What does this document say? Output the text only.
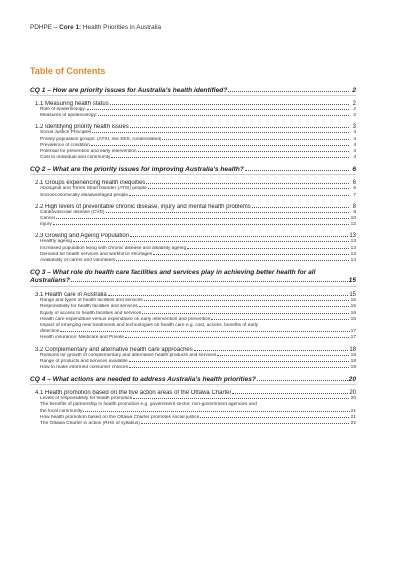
PDHPE – Core 1: Health Priorities in Australia
Table of Contents
CQ 1 – How are priority issues for Australia's health identified?	2
1.1 Measuring health status	2
Role of epidemiology:	2
Measures of epidemiology:	2
1.2 Identifying priority health issues	3
Social Justice Principles	4
Priority population groups: (ATSI, low SES, rural/isolated)	4
Prevalence of condition	4
Potential for prevention and early intervention	4
Cost to individual and community	4
CQ 2 – What are the priority issues for improving Australia's health?	6
2.1 Groups experiencing health inequities	6
Aboriginal and Torres Strait Islander (ATSI) people	6
Socioeconomically disadvantaged people	7
2.2 High levels of preventable chronic disease, injury and mental health problems	8
Cardiovascular disease (CVD)	8
Cancer	10
Injury	12
2.3 Growing and Ageing Population	13
Healthy ageing	13
Increased population living with chronic disease and disability ageing	13
Demand for health services and workforce shortages	13
Availability of carers and volunteers	14
CQ 3 – What role do health care facilities and services play in achieving better health for all
Australians?	15
3.1 Health care in Australia	15
Range and types of health facilities and services	15
Responsibility for health facilities and services	15
Equity of access to health facilities and services	16
Health care expenditure versus expenditure on early intervention and prevention	16
Impact of emerging new treatments and technologies on health care e.g. cost, access, benefits of early
detection	17
Health insurance: Medicare and Private	17
3.2 Complementary and alternative health care approaches	18
Reasons for growth of complementary and alternative health products and services	18
Range of products and services available	18
How to make informed consumer choices	19
CQ 4 – What actions are needed to address Australia's health priorities?	20
4.1 Health promotion based on the five action areas of the Ottawa Charter	20
Levels of responsibility for health promotion	20
The benefits of partnership in health promotion e.g. government sector, non-government agencies and
the local community	21
How health promotion based on the Ottawa Charter promotes social justice	21
The Ottawa Charter in action (RHS of syllabus)	22
